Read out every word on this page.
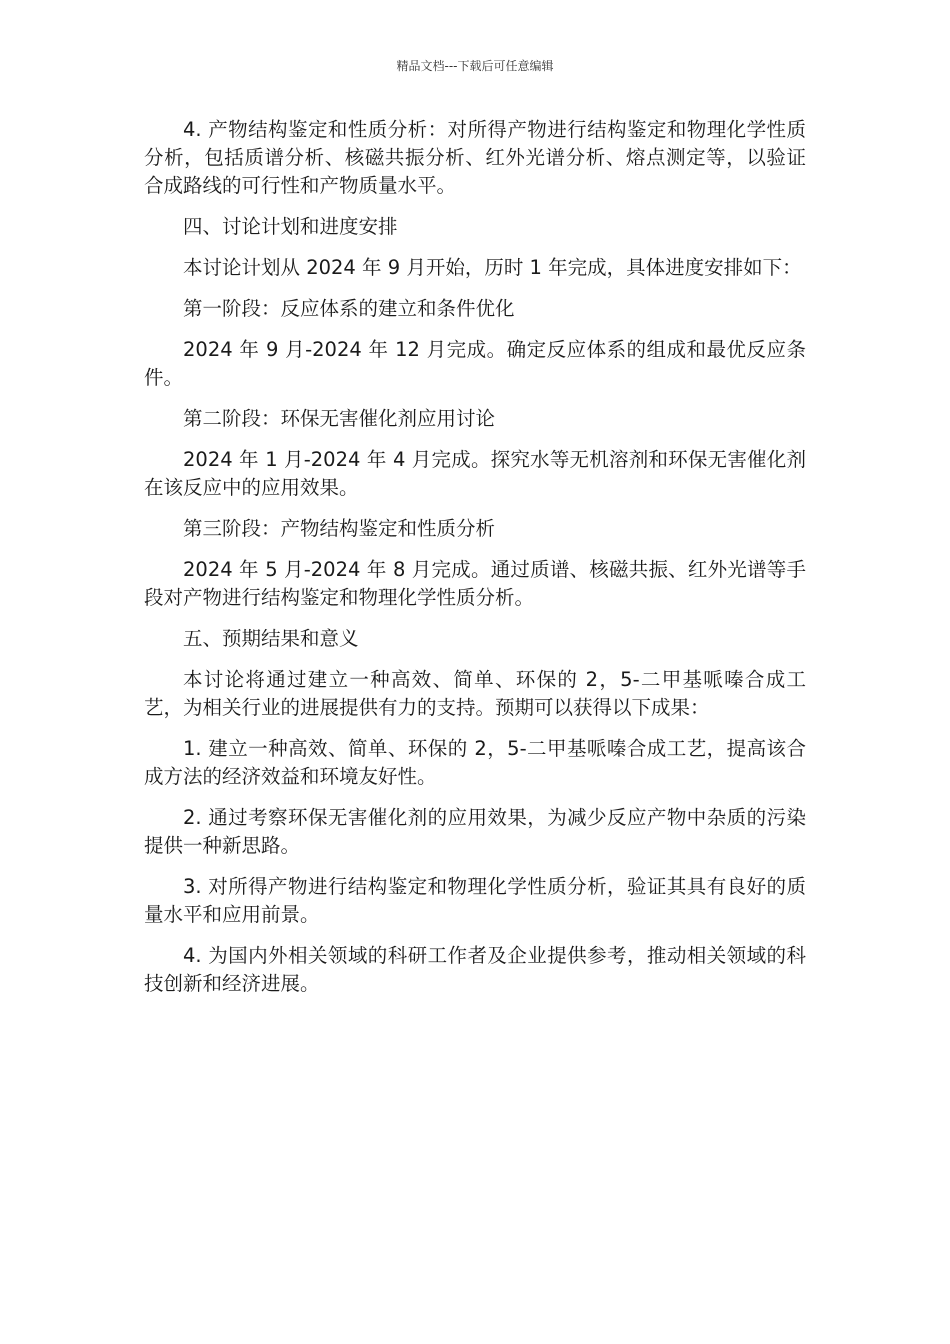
精品文档---下载后可任意编辑

4. 产物结构鉴定和性质分析：对所得产物进行结构鉴定和物理化学性质分析，包括质谱分析、核磁共振分析、红外光谱分析、熔点测定等，以验证合成路线的可行性和产物质量水平。

四、讨论计划和进度安排

本讨论计划从 2024 年 9 月开始，历时 1 年完成，具体进度安排如下：

第一阶段：反应体系的建立和条件优化

2024 年 9 月-2024 年 12 月完成。确定反应体系的组成和最优反应条件。

第二阶段：环保无害催化剂应用讨论

2024 年 1 月-2024 年 4 月完成。探究水等无机溶剂和环保无害催化剂在该反应中的应用效果。

第三阶段：产物结构鉴定和性质分析

2024 年 5 月-2024 年 8 月完成。通过质谱、核磁共振、红外光谱等手段对产物进行结构鉴定和物理化学性质分析。

五、预期结果和意义

本讨论将通过建立一种高效、简单、环保的 2，5-二甲基哌嗪合成工艺，为相关行业的进展提供有力的支持。预期可以获得以下成果：

1. 建立一种高效、简单、环保的 2，5-二甲基哌嗪合成工艺，提高该合成方法的经济效益和环境友好性。

2. 通过考察环保无害催化剂的应用效果，为减少反应产物中杂质的污染提供一种新思路。

3. 对所得产物进行结构鉴定和物理化学性质分析，验证其具有良好的质量水平和应用前景。

4. 为国内外相关领域的科研工作者及企业提供参考，推动相关领域的科技创新和经济进展。
